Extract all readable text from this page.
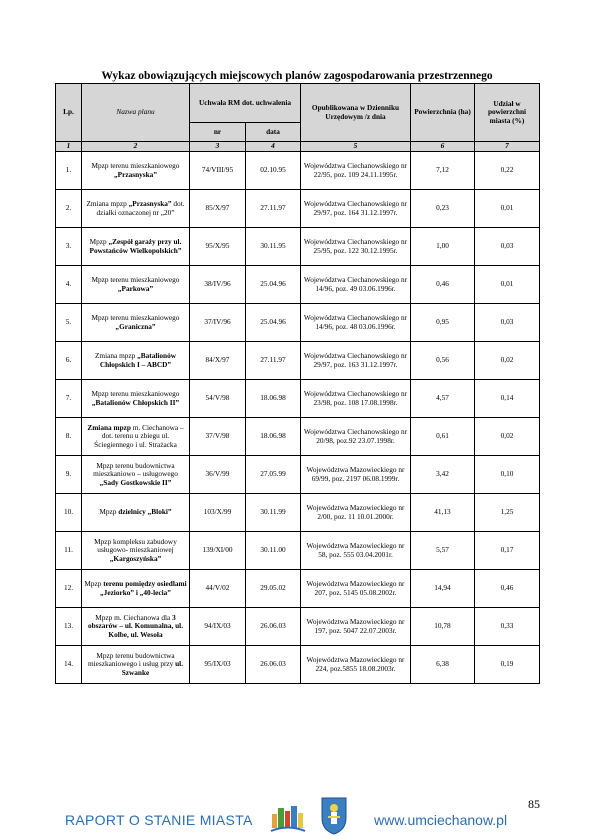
Wykaz obowiązujących miejscowych planów zagospodarowania przestrzennego
Lp.	Nazwa planu	Uchwała RM dot. uchwalenia		Opublikowana w Dzienniku Urzędowym /z dnia	Powierzchnia (ha)	Udział w powierzchni miasta (%)
		nr	data			
1	2	3	4	5	6	7
1.	Mpzp terenu mieszkaniowego „Przasnyska”	74/VIII/95	02.10.95	Województwa Ciechanowskiego nr 22/95, poz. 109 24.11.1995r.	7,12	0,22
2.	Zmiana mpzp „Przasnyska” dot. działki oznaczonej nr „20”	85/X/97	27.11.97	Województwa Ciechanowskiego nr 29/97, poz. 164 31.12.1997r.	0,23	0,01
3.	Mpzp „Zespół garaży przy ul. Powstańców Wielkopolskich”	95/X/95	30.11.95	Województwa Ciechanowskiego nr 25/95, poz. 122 30.12.1995r.	1,00	0,03
4.	Mpzp terenu mieszkaniowego „Parkowa”	38/IV/96	25.04.96	Województwa Ciechanowskiego nr 14/96, poz. 49 03.06.1996r.	0,46	0,01
5.	Mpzp terenu mieszkaniowego „Graniczna”	37/IV/96	25.04.96	Województwa Ciechanowskiego nr 14/96, poz. 48 03.06.1996r.	0,95	0,03
6.	Zmiana mpzp „Batalionów Chłopskich I – ABCD”	84/X/97	27.11.97	Województwa Ciechanowskiego nr 29/97, poz. 163 31.12.1997r.	0,56	0,02
7.	Mpzp terenu mieszkaniowego „Batalionów Chłopskich II”	54/V/98	18.06.98	Województwa Ciechanowskiego nr 23/98, poz. 108 17.08.1998r.	4,57	0,14
8.	Zmiana mpzp m. Ciechanowa – dot. terenu u zbiegu ul. Ściegiennego i ul. Strażacka	37/V/98	18.06.98	Województwa Ciechanowskiego nr 20/98, poz.92 23.07.1998r.	0,61	0,02
9.	Mpzp terenu budownictwa mieszkaniowo – usługowego „Sady Gostkowskie II”	36/V/99	27.05.99	Województwa Mazowieckiego nr 69/99, poz. 2197 06.08.1999r.	3,42	0,10
10.	Mpzp dzielnicy „Bloki”	103/X/99	30.11.99	Województwa Mazowieckiego nr 2/00, poz. 11 10.01.2000r.	41,13	1,25
11.	Mpzp kompleksu zabudowy usługowo- mieszkaniowej „Kargoszyńska”	139/XI/00	30.11.00	Województwa Mazowieckiego nr 58, poz. 555 03.04.2001r.	5,57	0,17
12.	Mpzp terenu pomiędzy osiedlami „Jeziorko” i „40-lecia”	44/V/02	29.05.02	Województwa Mazowieckiego nr 207, poz. 5145 05.08.2002r.	14,94	0,46
13.	Mpzp m. Ciechanowa dla 3 obszarów – ul. Komunalna, ul. Kolbe, ul. Wesoła	94/IX/03	26.06.03	Województwa Mazowieckiego nr 197, poz. 5047 22.07.2003r.	10,78	0,33
14.	Mpzp terenu budownictwa mieszkaniowego i usług przy ul. Szwanke	95/IX/03	26.06.03	Województwa Mazowieckiego nr 224, poz.5855 18.08.2003r.	6,38	0,19
85
RAPORT O STANIE MIASTA	www.umciechanow.pl
